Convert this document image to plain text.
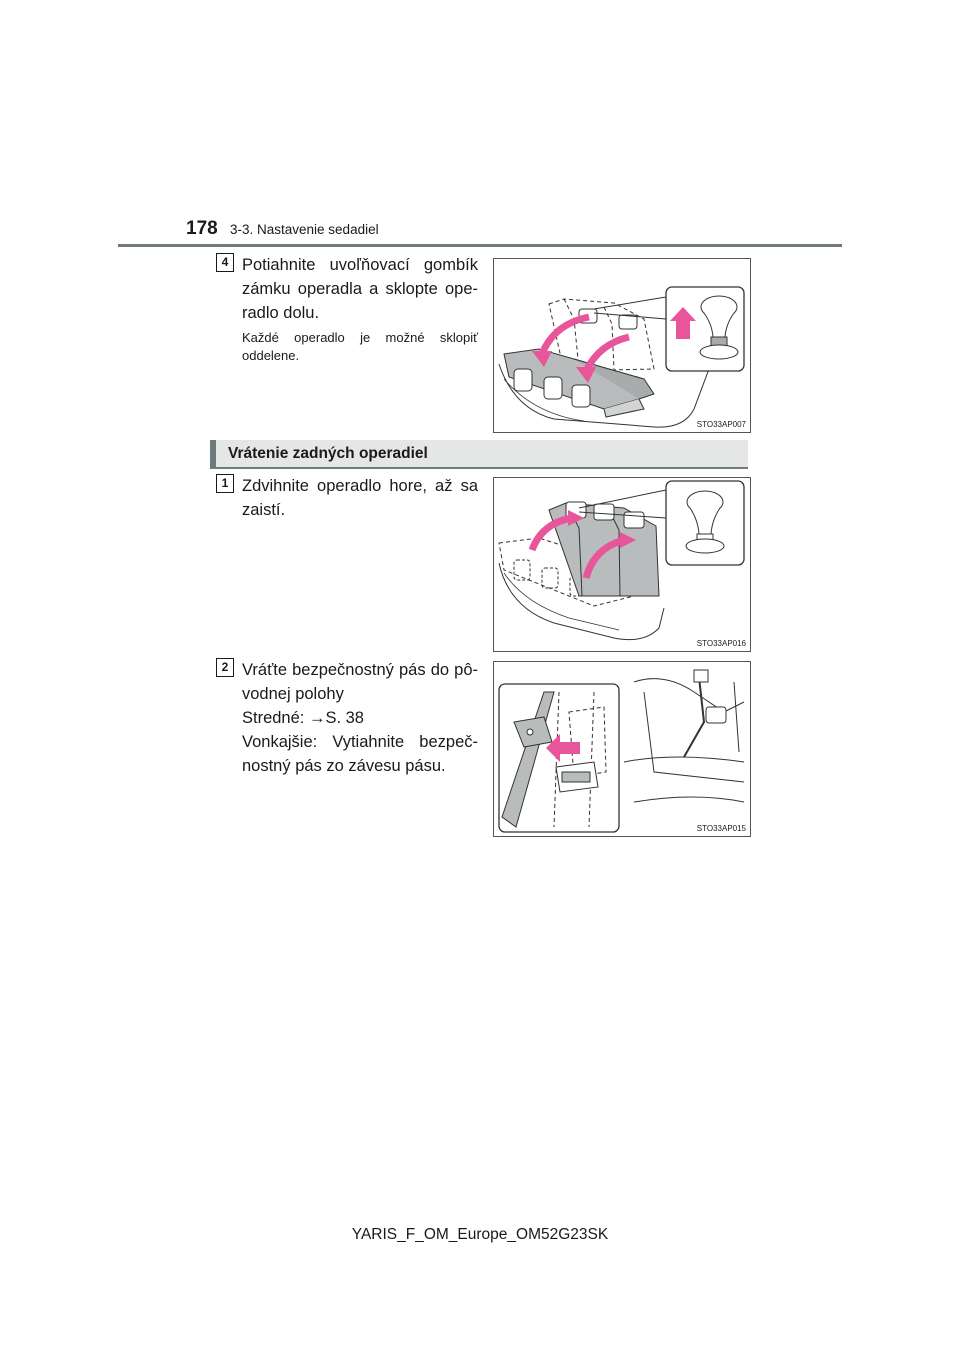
178 3-3. Nastavenie sedadiel
4 Potiahnite uvoľňovací gombík zámku operadla a sklopte ope-radlo dolu.
Každé operadlo je možné sklopiť oddelene.
STO33AP007
Vrátenie zadných operadiel
1 Zdvihnite operadlo hore, až sa zaistí.
STO33AP016
2 Vráťte bezpečnostný pás do pô-vodnej polohy
Stredné: →S. 38
Vonkajšie: Vytiahnite bezpeč-nostný pás zo závesu pásu.
STO33AP015
YARIS_F_OM_Europe_OM52G23SK
